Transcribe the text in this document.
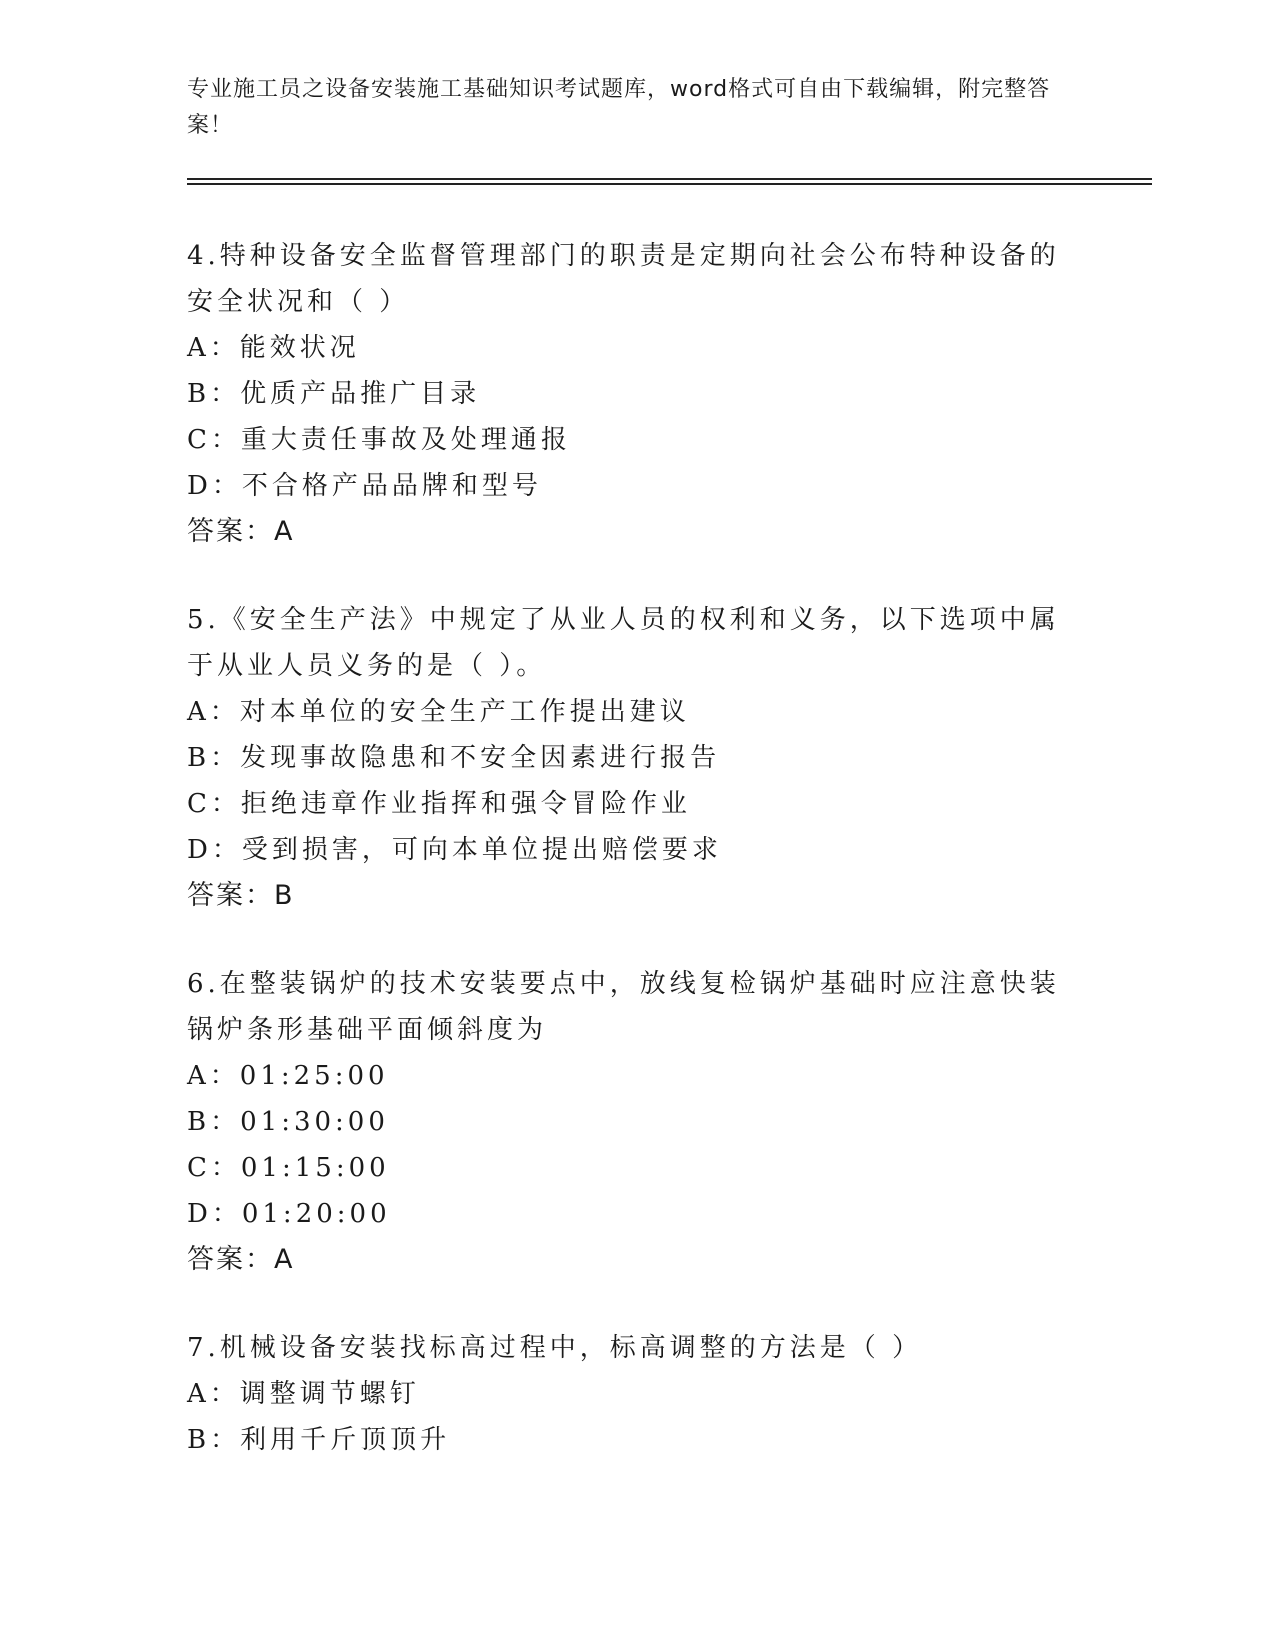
专业施工员之设备安装施工基础知识考试题库，word格式可自由下载编辑，附完整答案！

4.特种设备安全监督管理部门的职责是定期向社会公布特种设备的安全状况和（ ）

A：能效状况

B：优质产品推广目录

C：重大责任事故及处理通报

D：不合格产品品牌和型号

答案：A

5.《安全生产法》中规定了从业人员的权利和义务，以下选项中属于从业人员义务的是（ ）。

A：对本单位的安全生产工作提出建议

B：发现事故隐患和不安全因素进行报告

C：拒绝违章作业指挥和强令冒险作业

D：受到损害，可向本单位提出赔偿要求

答案：B

6.在整装锅炉的技术安装要点中，放线复检锅炉基础时应注意快装锅炉条形基础平面倾斜度为

A：01:25:00

B：01:30:00

C：01:15:00

D：01:20:00

答案：A

7.机械设备安装找标高过程中，标高调整的方法是（ ）

A：调整调节螺钉

B：利用千斤顶顶升
